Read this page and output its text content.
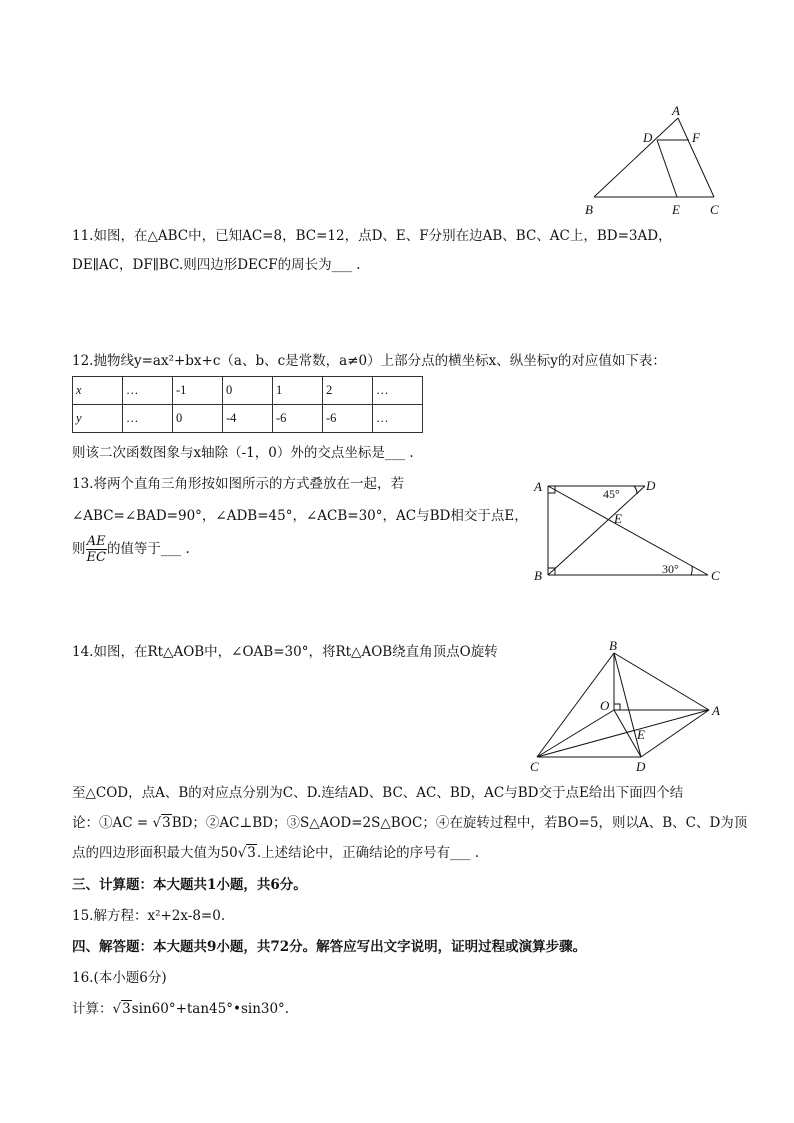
A
D	F
B	E C
11.如图，在△ABC中，已知AC=8，BC=12，点D、E、F分别在边AB、BC、AC上，BD=3AD，
DE∥AC，DF∥BC.则四边形DECF的周长为___ .
12.抛物线y=ax²+bx+c（a、b、c是常数，a≠0）上部分点的横坐标x、纵坐标y的对应值如下表：
x	…	-1	0	1	2	…
y	…	0	-4	-6	-6	…
则该二次函数图象与x轴除（-1，0）外的交点坐标是___ .
13.将两个直角三角形按如图所示的方式叠放在一起，若
∠ABC=∠BAD=90°，∠ADB=45°，∠ACB=30°，AC与BD相交于点E，
则 $\frac{AE}{EC}$ 的值等于___ .
A	D
45°
E
B	30° C
14.如图，在Rt△AOB中，∠OAB=30°，将Rt△AOB绕直角顶点O旋转	B
O	A
E
C	D
至△COD，点A、B的对应点分别为C、D.连结AD、BC、AC、BD，AC与BD交于点E给出下面四个结
论：①AC = √3BD；②AC⊥BD；③S△AOD=2S△BOC；④在旋转过程中，若BO=5，则以A、B、C、D为顶
点的四边形面积最大值为50√3.上述结论中，正确结论的序号有___ .
三、计算题：本大题共1小题，共6分。
15.解方程：x²+2x-8=0.
四、解答题：本大题共9小题，共72分。解答应写出文字说明，证明过程或演算步骤。
16.(本小题6分)
计算：√3sin60°+tan45°•sin30°.
